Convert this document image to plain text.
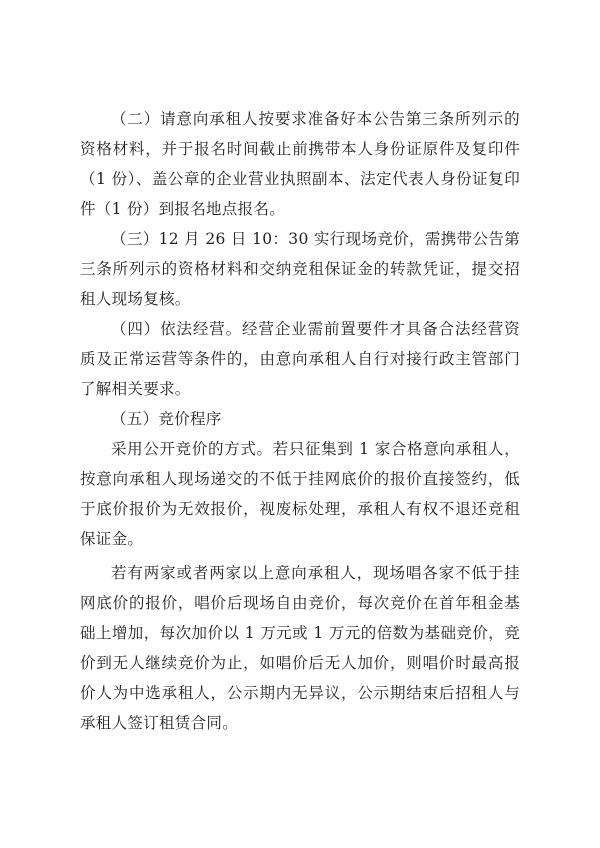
（二）请意向承租人按要求准备好本公告第三条所列示的资格材料，并于报名时间截止前携带本人身份证原件及复印件（1 份）、盖公章的企业营业执照副本、法定代表人身份证复印件（1 份）到报名地点报名。

（三）12 月 26 日 10：30 实行现场竞价，需携带公告第三条所列示的资格材料和交纳竞租保证金的转款凭证，提交招租人现场复核。

（四）依法经营。经营企业需前置要件才具备合法经营资质及正常运营等条件的，由意向承租人自行对接行政主管部门了解相关要求。

（五）竞价程序

采用公开竞价的方式。若只征集到 1 家合格意向承租人，按意向承租人现场递交的不低于挂网底价的报价直接签约，低于底价报价为无效报价，视废标处理，承租人有权不退还竞租保证金。

若有两家或者两家以上意向承租人，现场唱各家不低于挂网底价的报价，唱价后现场自由竞价，每次竞价在首年租金基础上增加，每次加价以 1 万元或 1 万元的倍数为基础竞价，竞价到无人继续竞价为止，如唱价后无人加价，则唱价时最高报价人为中选承租人，公示期内无异议，公示期结束后招租人与承租人签订租赁合同。
